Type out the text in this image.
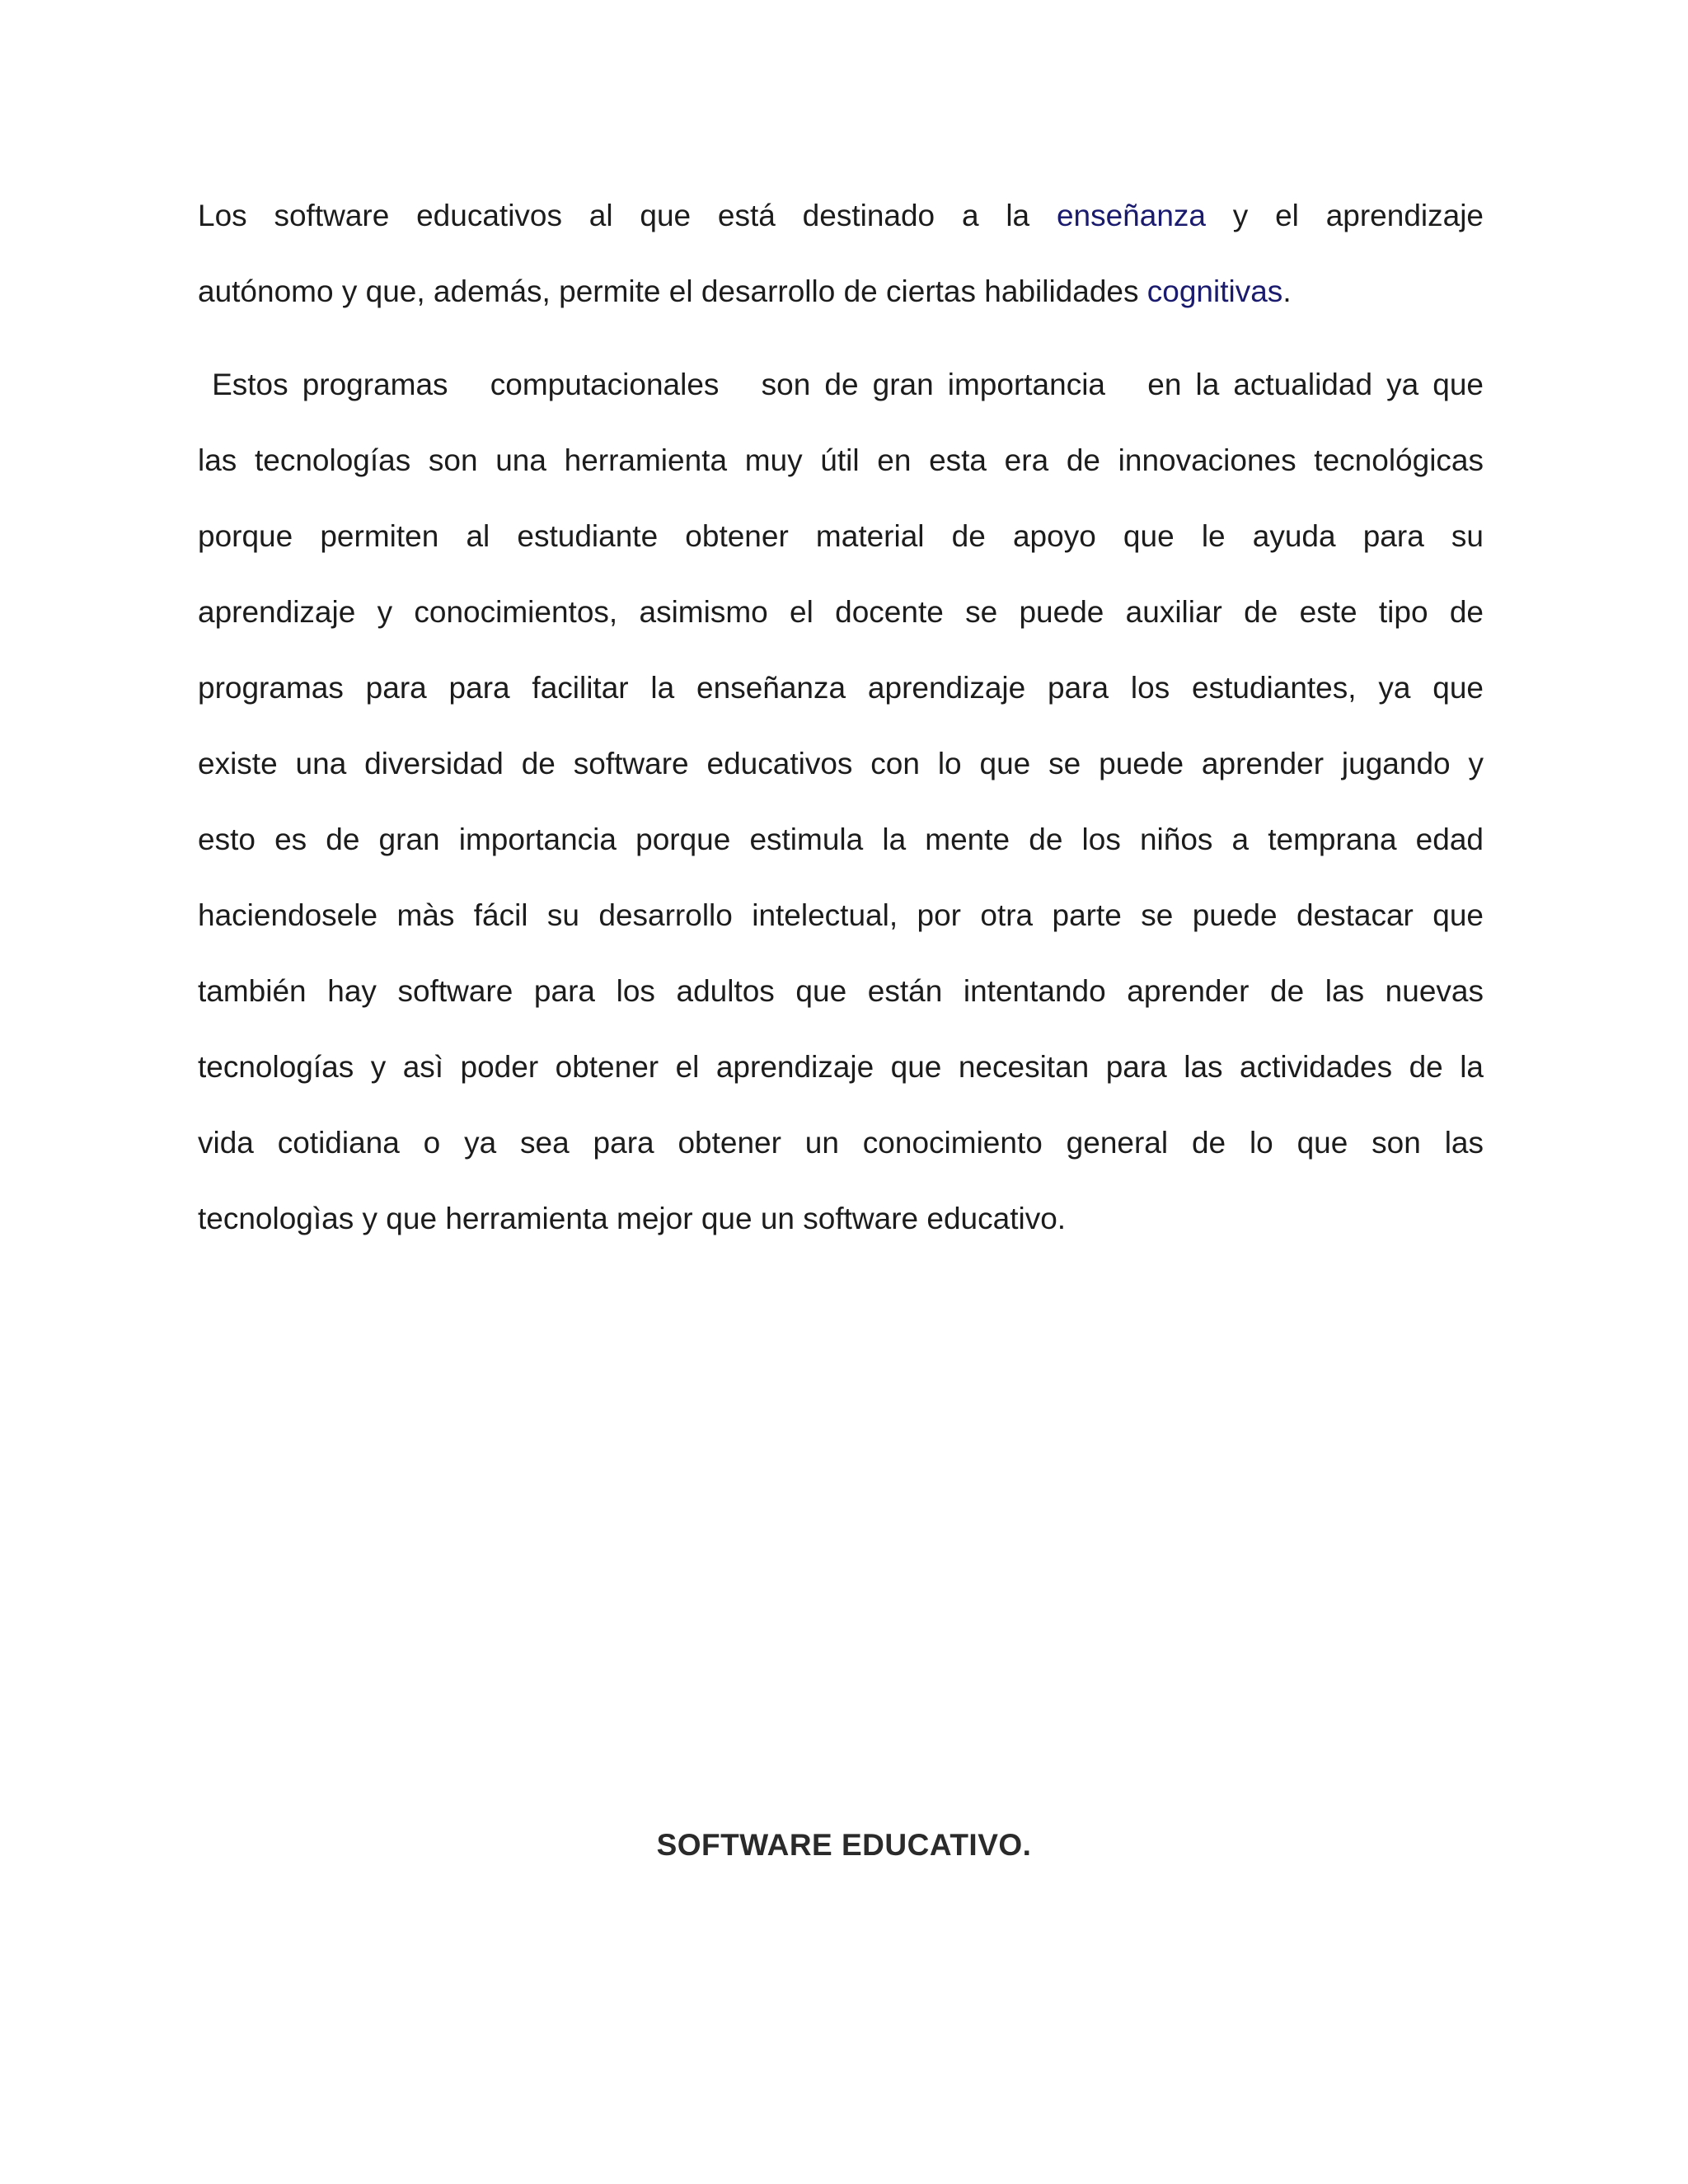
Los software educativos al que está destinado a la enseñanza y el aprendizaje
autónomo y que, además, permite el desarrollo de ciertas habilidades cognitivas.
Estos programas   computacionales   son de gran importancia   en la actualidad ya que
las tecnologías son una herramienta muy útil en esta era de innovaciones tecnológicas
porque permiten al estudiante obtener material de apoyo que le ayuda para su
aprendizaje y conocimientos, asimismo el docente se puede auxiliar de este tipo de
programas para para facilitar la enseñanza aprendizaje para los estudiantes, ya que
existe una diversidad de software educativos con lo que se puede aprender jugando y
esto es de gran importancia porque estimula la mente de los niños a temprana edad
haciendosele màs fácil su desarrollo intelectual, por otra parte se puede destacar que
también hay software para los adultos que están intentando aprender de las nuevas
tecnologías y asì poder obtener el aprendizaje que necesitan para las actividades de la
vida cotidiana o ya sea para obtener un conocimiento general de lo que son las
tecnologìas y que herramienta mejor que un software educativo.
SOFTWARE EDUCATIVO.
